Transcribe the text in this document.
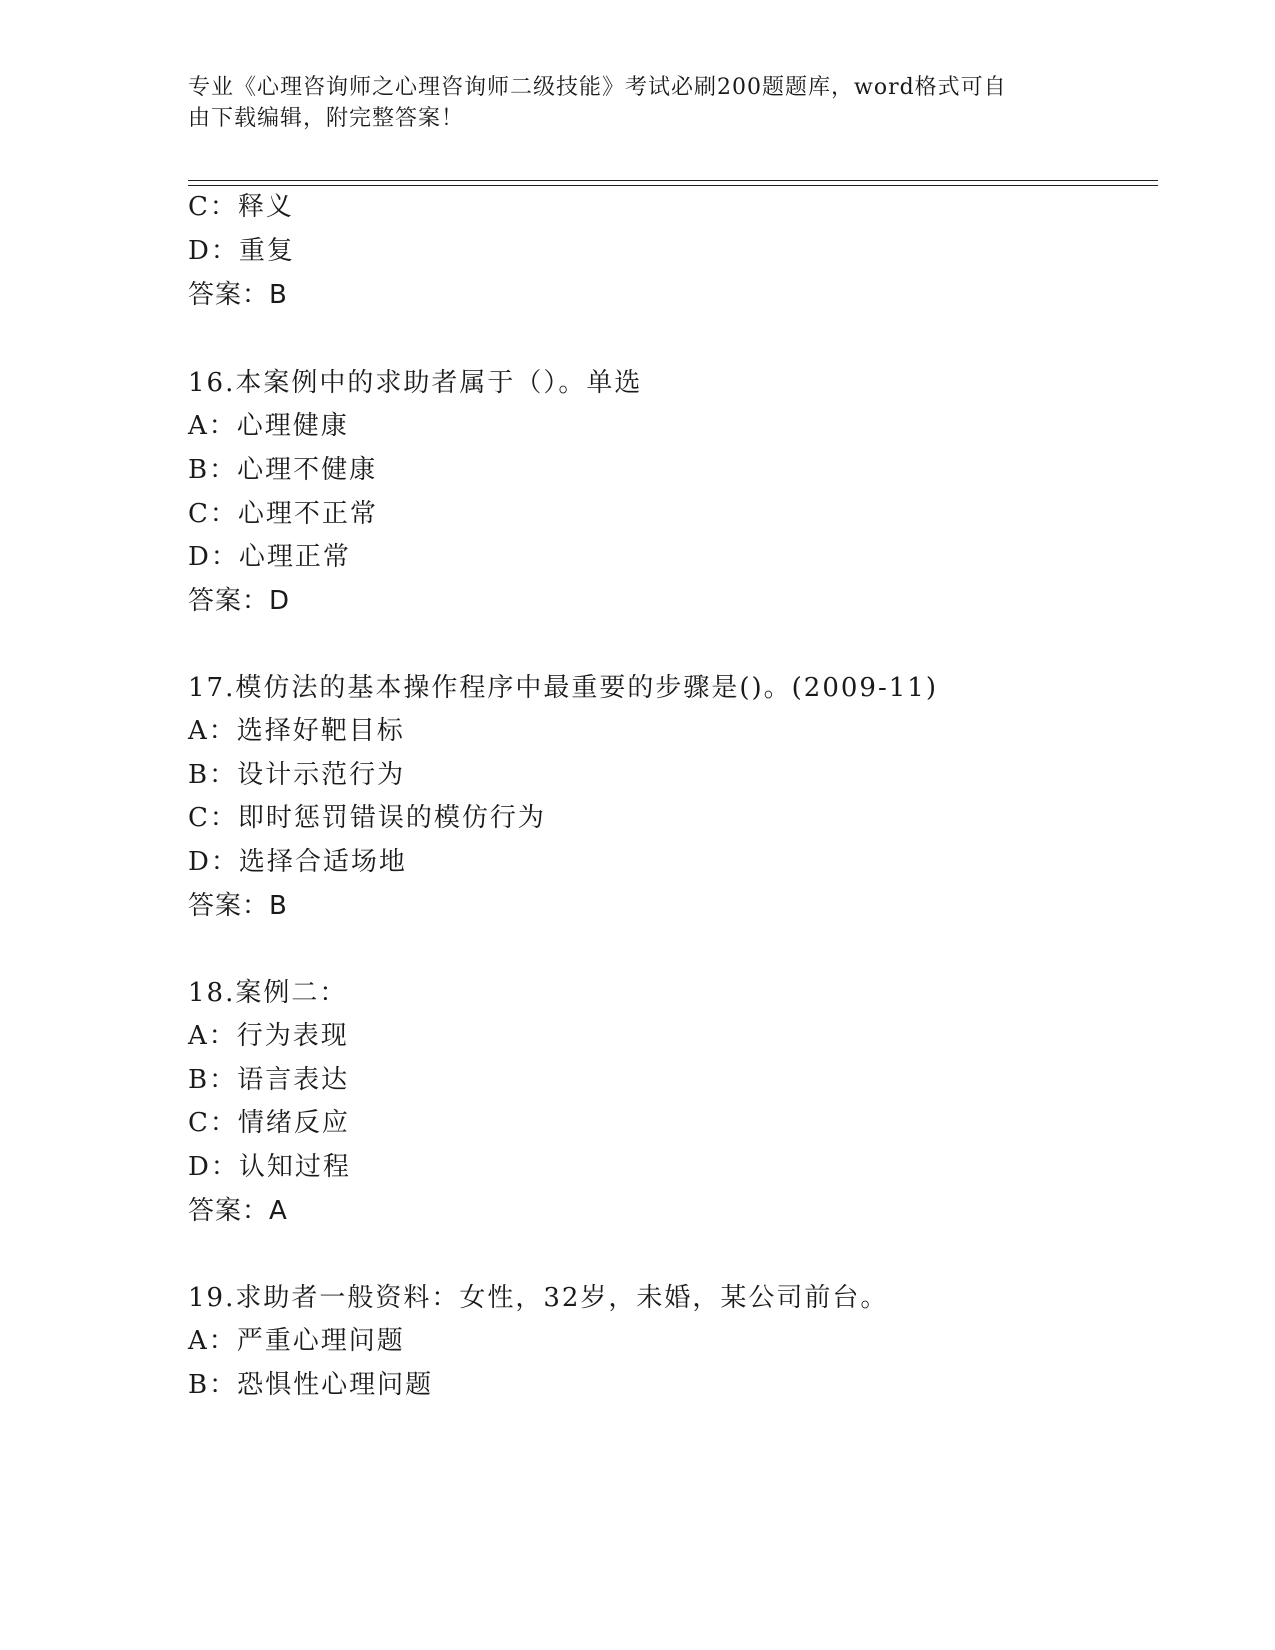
专业《心理咨询师之心理咨询师二级技能》考试必刷200题题库，word格式可自
由下载编辑，附完整答案！
C：释义
D：重复
答案：B
16.本案例中的求助者属于（）。单选
A：心理健康
B：心理不健康
C：心理不正常
D：心理正常
答案：D
17.模仿法的基本操作程序中最重要的步骤是()。(2009-11)
A：选择好靶目标
B：设计示范行为
C：即时惩罚错误的模仿行为
D：选择合适场地
答案：B
18.案例二：
A：行为表现
B：语言表达
C：情绪反应
D：认知过程
答案：A
19.求助者一般资料：女性，32岁，未婚，某公司前台。
A：严重心理问题
B：恐惧性心理问题
